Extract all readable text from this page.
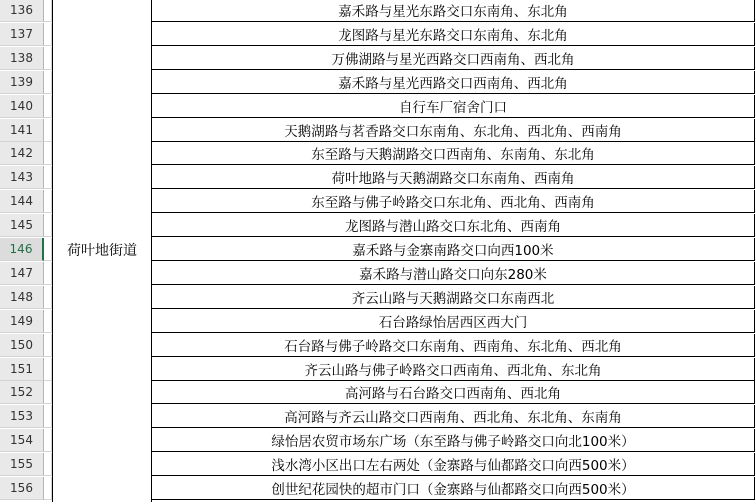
136	嘉禾路与星光东路交口东南角、东北角
137	龙图路与星光东路交口东南角、东北角
138	万佛湖路与星光西路交口西南角、西北角
139	嘉禾路与星光西路交口西南角、西北角
140	自行车厂宿舍门口
141	天鹅湖路与茗香路交口东南角、东北角、西北角、西南角
142	东至路与天鹅湖路交口西南角、东南角、东北角
143	荷叶地路与天鹅湖路交口东南角、西南角
144	东至路与佛子岭路交口东北角、西北角、西南角
145	龙图路与潜山路交口东北角、西南角
146	嘉禾路与金寨南路交口向西100米
147	嘉禾路与潜山路交口向东280米
148	齐云山路与天鹅湖路交口东南西北
149	石台路绿怡居西区西大门
150	石台路与佛子岭路交口东南角、西南角、东北角、西北角
151	齐云山路与佛子岭路交口西南角、西北角、东北角
152	高河路与石台路交口西南角、西北角
153	高河路与齐云山路交口西南角、西北角、东北角、东南角
154	绿怡居农贸市场东广场（东至路与佛子岭路交口向北100米）
155	浅水湾小区出口左右两处（金寨路与仙都路交口向西500米）
156	创世纪花园快的超市门口（金寨路与仙都路交口向西500米）
荷叶地街道
